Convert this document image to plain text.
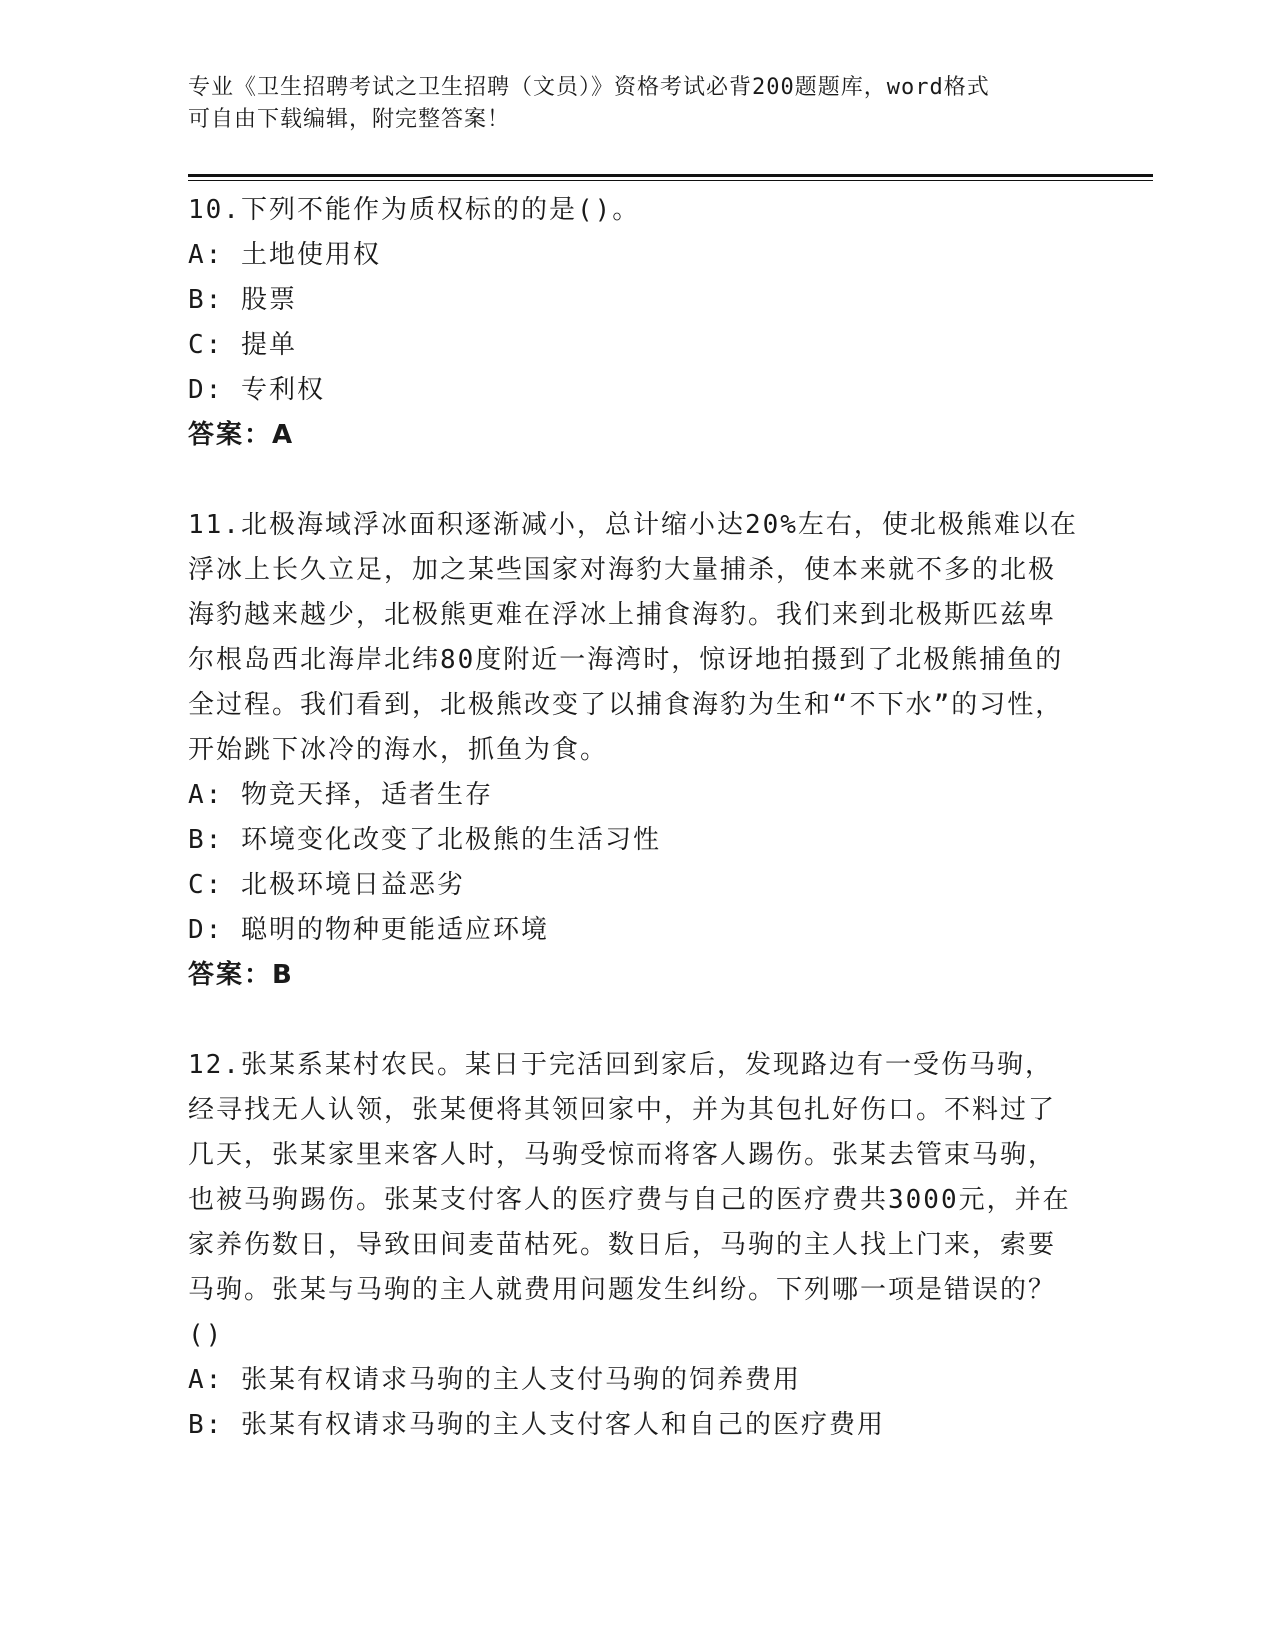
专业《卫生招聘考试之卫生招聘（文员）》资格考试必背200题题库，word格式
可自由下载编辑，附完整答案！
10.下列不能作为质权标的的是()。
A: 土地使用权
B: 股票
C: 提单
D: 专利权
答案：A
11.北极海域浮冰面积逐渐减小，总计缩小达20%左右，使北极熊难以在浮冰上长久立足，加之某些国家对海豹大量捕杀，使本来就不多的北极海豹越来越少，北极熊更难在浮冰上捕食海豹。我们来到北极斯匹兹卑尔根岛西北海岸北纬80度附近一海湾时，惊讶地拍摄到了北极熊捕鱼的全过程。我们看到，北极熊改变了以捕食海豹为生和“不下水”的习性，开始跳下冰冷的海水，抓鱼为食。
A: 物竞天择，适者生存
B: 环境变化改变了北极熊的生活习性
C: 北极环境日益恶劣
D: 聪明的物种更能适应环境
答案：B
12.张某系某村农民。某日于完活回到家后，发现路边有一受伤马驹，经寻找无人认领，张某便将其领回家中，并为其包扎好伤口。不料过了几天，张某家里来客人时，马驹受惊而将客人踢伤。张某去管束马驹，也被马驹踢伤。张某支付客人的医疗费与自己的医疗费共3000元，并在家养伤数日，导致田间麦苗枯死。数日后，马驹的主人找上门来，索要马驹。张某与马驹的主人就费用问题发生纠纷。下列哪一项是错误的？()
A: 张某有权请求马驹的主人支付马驹的饲养费用
B: 张某有权请求马驹的主人支付客人和自己的医疗费用
